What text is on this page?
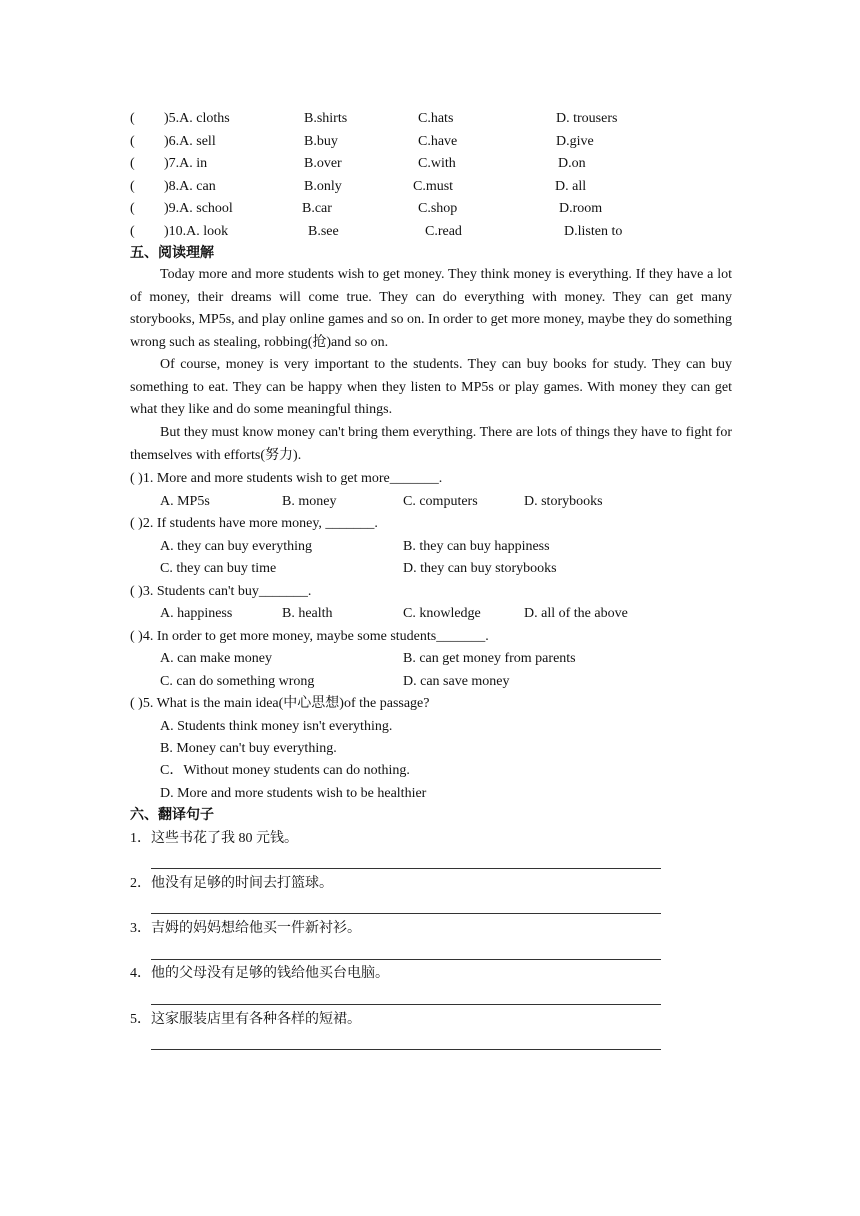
( )5.A. cloths	B.shirts	C.hats	D. trousers
( )6.A. sell	B.buy	C.have	D.give
( )7.A. in	B.over	C.with	D.on
( )8.A. can	B.only	C.must	D. all
( )9.A. school	B.car	C.shop	D.room
( )10.A. look	B.see	C.read	D.listen to
五、阅读理解
Today more and more students wish to get money. They think money is everything. If they have a lot of money, their dreams will come true. They can do everything with money. They can get many storybooks, MP5s, and play online games and so on. In order to get more money, maybe they do something wrong such as stealing, robbing(抢)and so on.
Of course, money is very important to the students. They can buy books for study. They can buy something to eat. They can be happy when they listen to MP5s or play games. With money they can get what they like and do some meaningful things.
But they must know money can't bring them everything. There are lots of things they have to fight for themselves with efforts(努力).
( )1. More and more students wish to get more_______.
A. MP5s	B. money	C. computers	D. storybooks
( )2. If students have more money, _______.
A. they can buy everything	B. they can buy happiness
C. they can buy time	D. they can buy storybooks
( )3. Students can't buy_______.
A. happiness	B. health	C. knowledge	D. all of the above
( )4. In order to get more money, maybe some students_______.
A. can make money	B. can get money from parents
C. can do something wrong	D. can save money
( )5. What is the main idea(中心思想)of the passage?
A. Students think money isn't everything.
B. Money can't buy everything.
C．Without money students can do nothing.
D. More and more students wish to be healthier
六、翻译句子
1．这些书花了我 80 元钱。
2．他没有足够的时间去打篮球。
3．吉姆的妈妈想给他买一件新衬衫。
4．他的父母没有足够的钱给他买台电脑。
5．这家服装店里有各种各样的短裙。
